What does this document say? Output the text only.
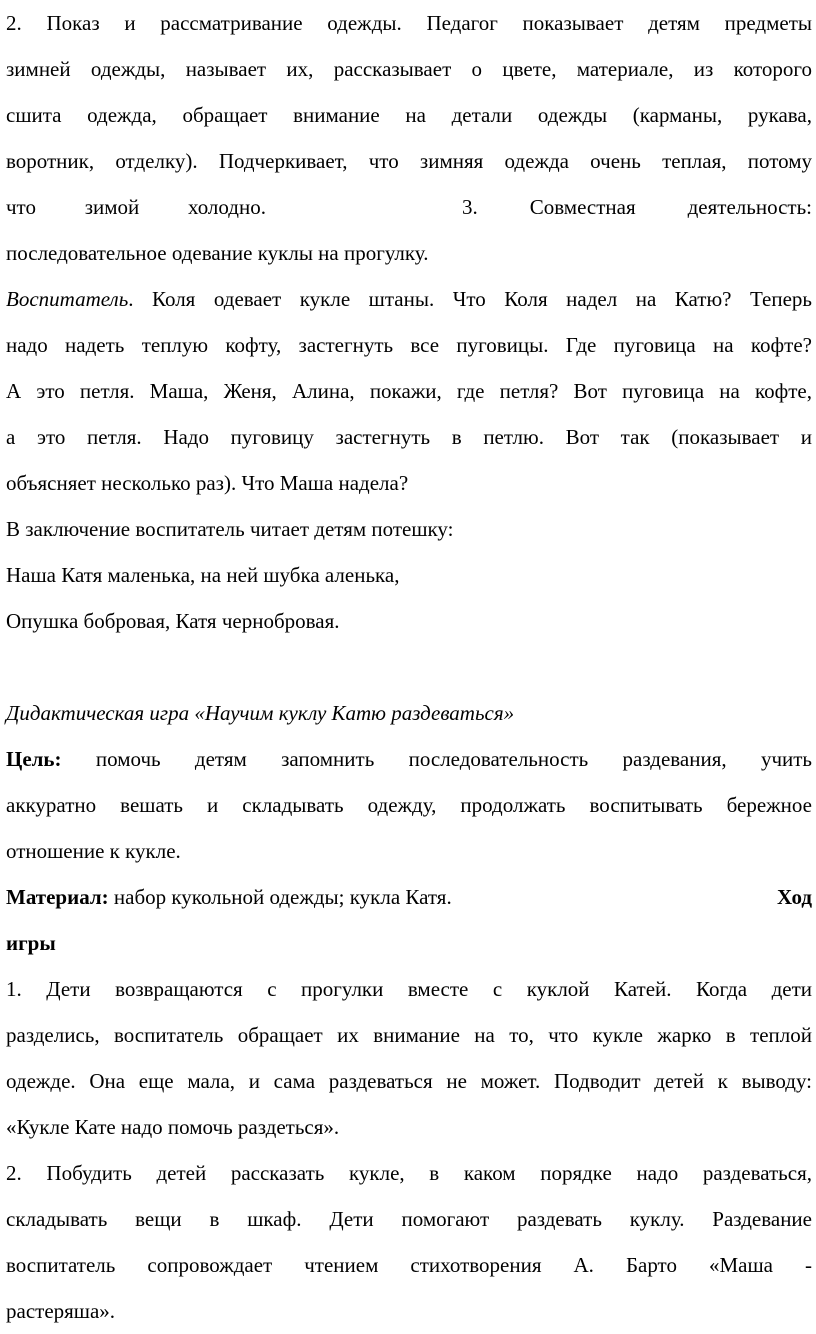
2. Показ и рассматривание одежды. Педагог показывает детям предметы
зимней одежды, называет их, рассказывает о цвете, материале, из которого
сшита одежда, обращает внимание на детали одежды (карманы, рукава,
воротник, отделку). Подчеркивает, что зимняя одежда очень теплая, потому
что зимой холодно.	3. Совместная деятельность:
последовательное одевание куклы на прогулку.
Воспитатель. Коля одевает кукле штаны. Что Коля надел на Катю? Теперь
надо надеть теплую кофту, застегнуть все пуговицы. Где пуговица на кофте?
А это петля. Маша, Женя, Алина, покажи, где петля? Вот пуговица на кофте,
а это петля. Надо пуговицу застегнуть в петлю. Вот так (показывает и
объясняет несколько раз). Что Маша надела?
В заключение воспитатель читает детям потешку:
Наша Катя маленька, на ней шубка аленька,
Опушка бобровая, Катя чернобровая.
Дидактическая игра «Научим куклу Катю раздеваться»
Цель: помочь детям запомнить последовательность раздевания, учить
аккуратно вешать и складывать одежду, продолжать воспитывать бережное
отношение к кукле.
Материал: набор кукольной одежды; кукла Катя.	Ход
игры
1. Дети возвращаются с прогулки вместе с куклой Катей. Когда дети
разделись, воспитатель обращает их внимание на то, что кукле жарко в теплой
одежде. Она еще мала, и сама раздеваться не может. Подводит детей к выводу:
«Кукле Кате надо помочь раздеться».
2. Побудить детей рассказать кукле, в каком порядке надо раздеваться,
складывать вещи в шкаф. Дети помогают раздевать куклу. Раздевание
воспитатель сопровождает чтением стихотворения А. Барто «Маша -
растеряша».
